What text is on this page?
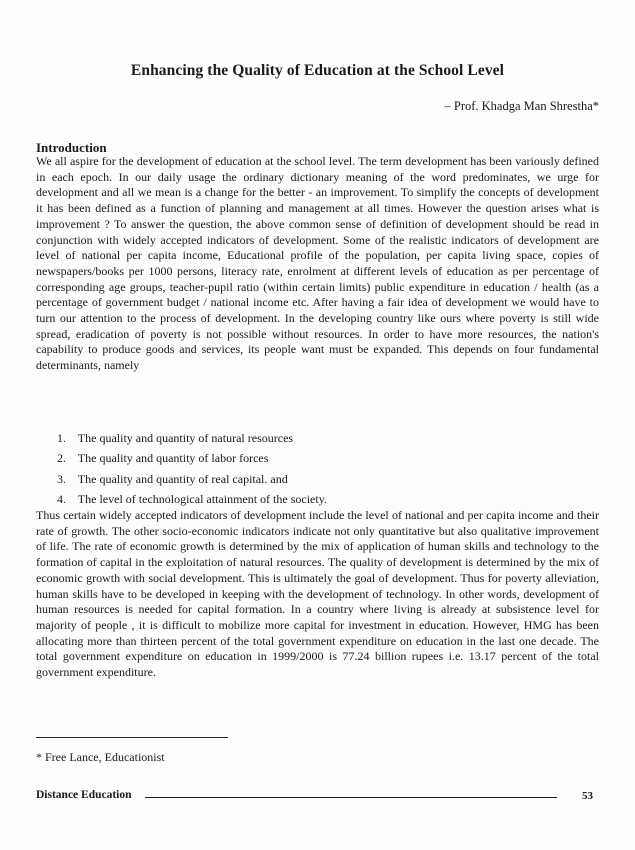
Enhancing the Quality of Education at the School Level
– Prof. Khadga Man Shrestha*
Introduction
We all aspire for the development of education at the school level. The term development has been variously defined in each epoch. In our daily usage the ordinary dictionary meaning of the word predominates, we urge for development and all we mean is a change for the better - an improvement. To simplify the concepts of development it has been defined as a function of planning and management at all times. However the question arises what is improvement ? To answer the question, the above common sense of definition of development should be read in conjunction with widely accepted indicators of development. Some of the realistic indicators of development are level of national per capita income, Educational profile of the population, per capita living space, copies of newspapers/books per 1000 persons, literacy rate, enrolment at different levels of education as per percentage of corresponding age groups, teacher-pupil ratio (within certain limits) public expenditure in education / health (as a percentage of government budget / national income etc. After having a fair idea of development we would have to turn our attention to the process of development. In the developing country like ours where poverty is still wide spread, eradication of poverty is not possible without resources. In order to have more resources, the nation's capability to produce goods and services, its people want must be expanded. This depends on four fundamental determinants, namely
1. The quality and quantity of natural resources
2. The quality and quantity of labor forces
3. The quality and quantity of real capital. and
4. The level of technological attainment of the society.
Thus certain widely accepted indicators of development include the level of national and per capita income and their rate of growth. The other socio-economic indicators indicate not only quantitative but also qualitative improvement of life. The rate of economic growth is determined by the mix of application of human skills and technology to the formation of capital in the exploitation of natural resources. The quality of development is determined by the mix of economic growth with social development. This is ultimately the goal of development. Thus for poverty alleviation, human skills have to be developed in keeping with the development of technology. In other words, development of human resources is needed for capital formation. In a country where living is already at subsistence level for majority of people , it is difficult to mobilize more capital for investment in education. However, HMG has been allocating more than thirteen percent of the total government expenditure on education in the last one decade. The total government expenditure on education in 1999/2000 is 77.24 billion rupees i.e. 13.17 percent of the total government expenditure.
* Free Lance, Educationist
Distance Education	53
